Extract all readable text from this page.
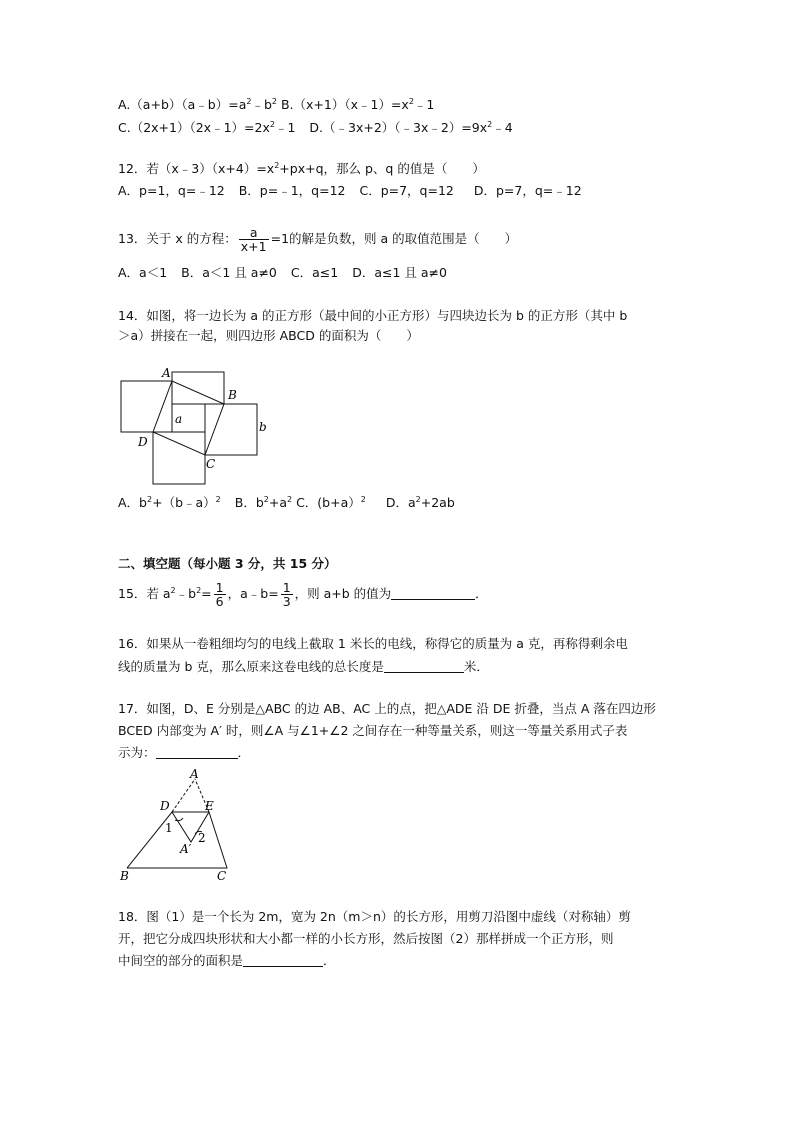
$A.(a+b)(a﹣b)=a^2﹣b^2$ $B.(x+1)(x﹣1)=x^2﹣1$
$C.(2x+1)(2x﹣1)=2x^2﹣1$ $D.(﹣3x+2)(﹣3x﹣2)=9x^2﹣4$
12．若$(x﹣3)(x+4)=x^2+px+q$，那么 p、q 的值是（　　）
A．p=1，q=﹣12 B．p=﹣1，q=12 C．p=7，q=12 D．p=7，q=﹣12
13．关于 x 的方程： $\frac{a}{x+1} =1$的解是负数，则 a 的取值范围是（　　）
A．a＜1 B．a＜1 且 a≠0 C．a≤1 D．a≤1 且 a≠0
14．如图，将一边长为 a 的正方形（最中间的小正方形）与四块边长为 b 的正方形（其中 b
＞a）拼接在一起，则四边形 ABCD 的面积为（　　）
A
B
C
D
a
b
A．$b^2+(b﹣a)^2$ B．$b^2+a^2$ C．(b+a）$^2$ D．$a^2+2ab$
二、填空题（每小题 3 分，共 15 分）
15．若 $a^2﹣b^2= \frac{1}{6}$ ，a﹣b= $\frac{1}{3}$ ，则 a+b 的值为	．
16．如果从一卷粗细均匀的电线上截取 1 米长的电线，称得它的质量为 a 克，再称得剩余电
线的质量为 b 克，那么原来这卷电线的总长度是	米．
17．如图，D、E 分别是△ABC 的边 AB、AC 上的点，把△ADE 沿 DE 折叠，当点 A 落在四边形
BCED 内部变为 A′ 时，则∠A 与∠1+∠2 之间存在一种等量关系，则这一等量关系用式子表
示为：	．
A
D	E
1
2
A′
B	C
18．图（1）是一个长为 2m，宽为 2n（m＞n）的长方形，用剪刀沿图中虚线（对称轴）剪
开，把它分成四块形状和大小都一样的小长方形，然后按图（2）那样拼成一个正方形，则
中间空的部分的面积是	．
